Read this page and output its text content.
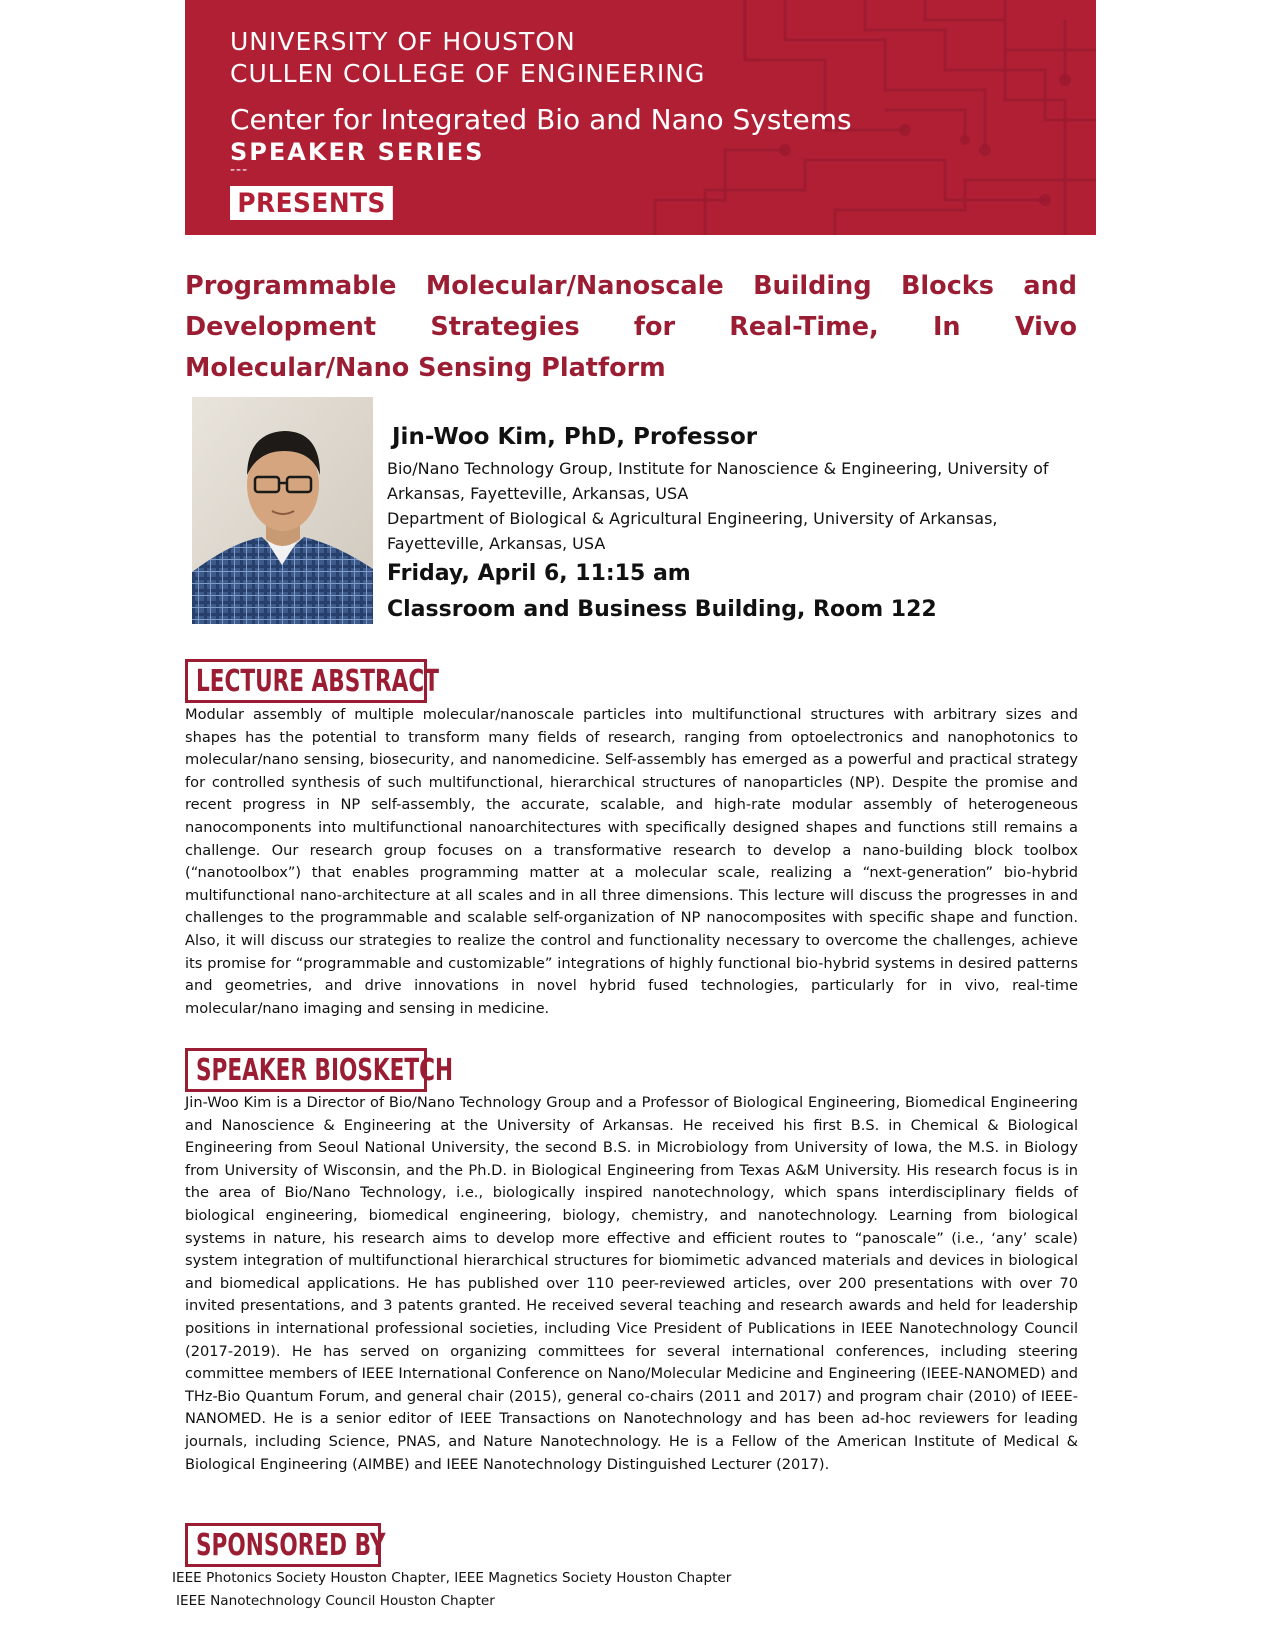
UNIVERSITY OF HOUSTON
CULLEN COLLEGE OF ENGINEERING
Center for Integrated Bio and Nano Systems
SPEAKER SERIES
---
PRESENTS
Programmable Molecular/Nanoscale Building Blocks and Development Strategies for Real-Time, In Vivo Molecular/Nano Sensing Platform
Jin-Woo Kim, PhD, Professor
Bio/Nano Technology Group, Institute for Nanoscience & Engineering, University of Arkansas, Fayetteville, Arkansas, USA
Department of Biological & Agricultural Engineering, University of Arkansas, Fayetteville, Arkansas, USA
Friday, April 6, 11:15 am
Classroom and Business Building, Room 122
LECTURE ABSTRACT

Modular assembly of multiple molecular/nanoscale particles into multifunctional structures with arbitrary sizes and shapes has the potential to transform many fields of research, ranging from optoelectronics and nanophotonics to molecular/nano sensing, biosecurity, and nanomedicine. Self-assembly has emerged as a powerful and practical strategy for controlled synthesis of such multifunctional, hierarchical structures of nanoparticles (NP). Despite the promise and recent progress in NP self-assembly, the accurate, scalable, and high-rate modular assembly of heterogeneous nanocomponents into multifunctional nanoarchitectures with specifically designed shapes and functions still remains a challenge. Our research group focuses on a transformative research to develop a nano-building block toolbox (“nanotoolbox”) that enables programming matter at a molecular scale, realizing a “next-generation” bio-hybrid multifunctional nano-architecture at all scales and in all three dimensions. This lecture will discuss the progresses in and challenges to the programmable and scalable self-organization of NP nanocomposites with specific shape and function. Also, it will discuss our strategies to realize the control and functionality necessary to overcome the challenges, achieve its promise for “programmable and customizable” integrations of highly functional bio-hybrid systems in desired patterns and geometries, and drive innovations in novel hybrid fused technologies, particularly for in vivo, real-time molecular/nano imaging and sensing in medicine.

SPEAKER BIOSKETCH

Jin-Woo Kim is a Director of Bio/Nano Technology Group and a Professor of Biological Engineering, Biomedical Engineering and Nanoscience & Engineering at the University of Arkansas. He received his first B.S. in Chemical & Biological Engineering from Seoul National University, the second B.S. in Microbiology from University of Iowa, the M.S. in Biology from University of Wisconsin, and the Ph.D. in Biological Engineering from Texas A&M University. His research focus is in the area of Bio/Nano Technology, i.e., biologically inspired nanotechnology, which spans interdisciplinary fields of biological engineering, biomedical engineering, biology, chemistry, and nanotechnology. Learning from biological systems in nature, his research aims to develop more effective and efficient routes to “panoscale” (i.e., ‘any’ scale) system integration of multifunctional hierarchical structures for biomimetic advanced materials and devices in biological and biomedical applications. He has published over 110 peer-reviewed articles, over 200 presentations with over 70 invited presentations, and 3 patents granted. He received several teaching and research awards and held for leadership positions in international professional societies, including Vice President of Publications in IEEE Nanotechnology Council (2017-2019). He has served on organizing committees for several international conferences, including steering committee members of IEEE International Conference on Nano/Molecular Medicine and Engineering (IEEE-NANOMED) and THz-Bio Quantum Forum, and general chair (2015), general co-chairs (2011 and 2017) and program chair (2010) of IEEE-NANOMED. He is a senior editor of IEEE Transactions on Nanotechnology and has been ad-hoc reviewers for leading journals, including Science, PNAS, and Nature Nanotechnology. He is a Fellow of the American Institute of Medical & Biological Engineering (AIMBE) and IEEE Nanotechnology Distinguished Lecturer (2017).

SPONSORED BY
IEEE Photonics Society Houston Chapter, IEEE Magnetics Society Houston Chapter
IEEE Nanotechnology Council Houston Chapter
